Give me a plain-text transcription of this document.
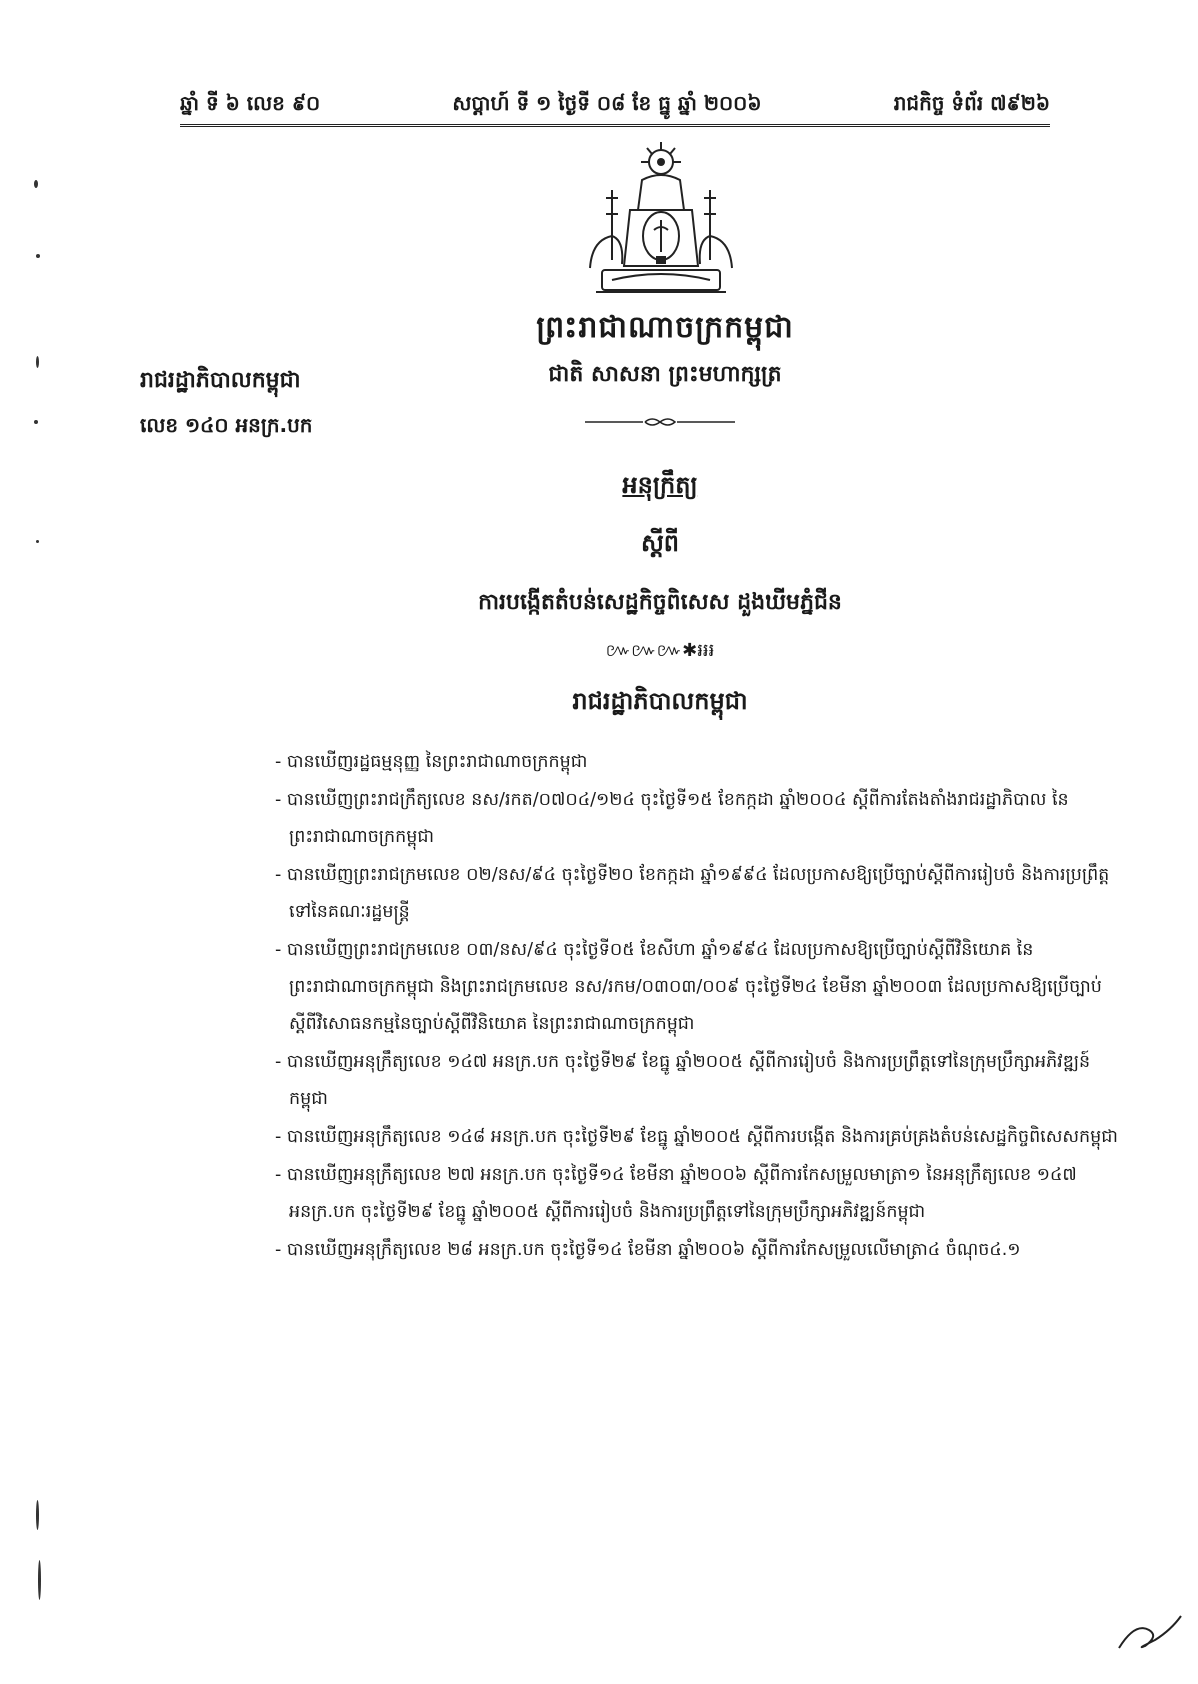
ឆ្នាំ ទី ៦ លេខ ៩០	សប្តាហ៍ ទី ១ ថ្ងៃទី ០៨ ខែ ធ្នូ ឆ្នាំ ២០០៦	រាជកិច្ច ទំព័រ ៧៩២៦
ព្រះរាជាណាចក្រកម្ពុជា
ជាតិ សាសនា ព្រះមហាក្សត្រ
រាជរដ្ឋាភិបាលកម្ពុជា
លេខ ១៤០ អនក្រ.បក
អនុក្រឹត្យ
ស្តីពី
ការបង្កើតតំបន់សេដ្ឋកិច្ចពិសេស ដួងឃីមភ្នំជីន
៚៚៚✱៛៛៛
រាជរដ្ឋាភិបាលកម្ពុជា
- បានឃើញរដ្ឋធម្មនុញ្ញ នៃព្រះរាជាណាចក្រកម្ពុជា
- បានឃើញព្រះរាជក្រឹត្យលេខ នស/រកត/០៧០៤/១២៤ ចុះថ្ងៃទី១៥ ខែកក្កដា ឆ្នាំ២០០៤ ស្តីពីការតែងតាំងរាជរដ្ឋាភិបាល នៃព្រះរាជាណាចក្រកម្ពុជា
- បានឃើញព្រះរាជក្រមលេខ ០២/នស/៩៤ ចុះថ្ងៃទី២០ ខែកក្កដា ឆ្នាំ១៩៩៤ ដែលប្រកាសឱ្យប្រើច្បាប់ស្តីពីការរៀបចំ និងការប្រព្រឹត្តទៅនៃគណៈរដ្ឋមន្ត្រី
- បានឃើញព្រះរាជក្រមលេខ ០៣/នស/៩៤ ចុះថ្ងៃទី០៥ ខែសីហា ឆ្នាំ១៩៩៤ ដែលប្រកាសឱ្យប្រើច្បាប់ស្តីពីវិនិយោគ នៃព្រះរាជាណាចក្រកម្ពុជា និងព្រះរាជក្រមលេខ នស/រកម/០៣០៣/០០៩ ចុះថ្ងៃទី២៤ ខែមីនា ឆ្នាំ២០០៣ ដែលប្រកាសឱ្យប្រើច្បាប់ស្តីពីវិសោធនកម្មនៃច្បាប់ស្តីពីវិនិយោគ នៃព្រះរាជាណាចក្រកម្ពុជា
- បានឃើញអនុក្រឹត្យលេខ ១៤៧ អនក្រ.បក ចុះថ្ងៃទី២៩ ខែធ្នូ ឆ្នាំ២០០៥ ស្តីពីការរៀបចំ និងការប្រព្រឹត្តទៅនៃក្រុមប្រឹក្សាអភិវឌ្ឍន៍កម្ពុជា
- បានឃើញអនុក្រឹត្យលេខ ១៤៨ អនក្រ.បក ចុះថ្ងៃទី២៩ ខែធ្នូ ឆ្នាំ២០០៥ ស្តីពីការបង្កើត និងការគ្រប់គ្រងតំបន់សេដ្ឋកិច្ចពិសេសកម្ពុជា
- បានឃើញអនុក្រឹត្យលេខ ២៧ អនក្រ.បក ចុះថ្ងៃទី១៤ ខែមីនា ឆ្នាំ២០០៦ ស្តីពីការកែសម្រួលមាត្រា១ នៃអនុក្រឹត្យលេខ ១៤៧ អនក្រ.បក ចុះថ្ងៃទី២៩ ខែធ្នូ ឆ្នាំ២០០៥ ស្តីពីការរៀបចំ និងការប្រព្រឹត្តទៅនៃក្រុមប្រឹក្សាអភិវឌ្ឍន៍កម្ពុជា
- បានឃើញអនុក្រឹត្យលេខ ២៨ អនក្រ.បក ចុះថ្ងៃទី១៤ ខែមីនា ឆ្នាំ២០០៦ ស្តីពីការកែសម្រួលលើមាត្រា៤ ចំណុច៤.១
